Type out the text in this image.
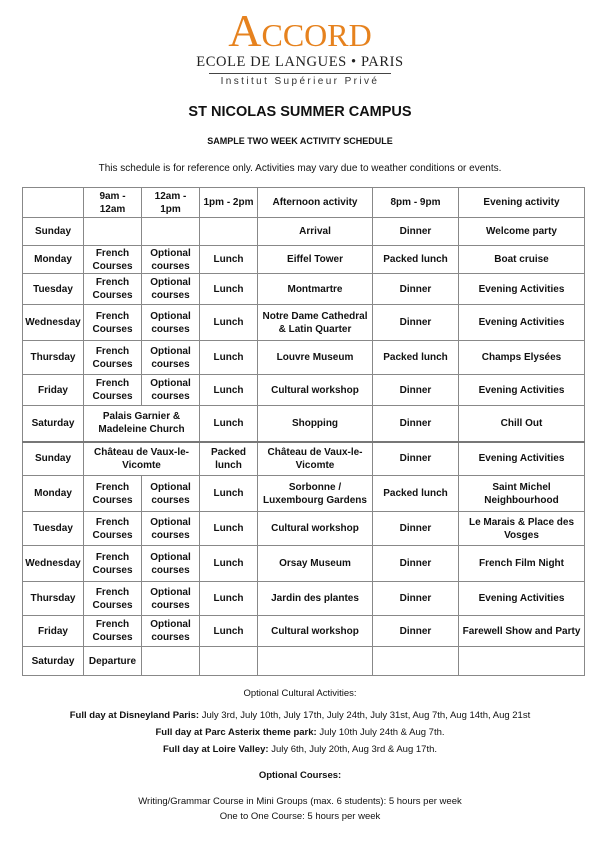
Accord
ECOLE DE LANGUES • PARIS
Institut Supérieur Privé
ST NICOLAS SUMMER CAMPUS
SAMPLE TWO WEEK ACTIVITY SCHEDULE
This schedule is for reference only. Activities may vary due to weather conditions or events.
	9am - 12am	12am - 1pm	1pm - 2pm	Afternoon activity	8pm - 9pm	Evening activity
Sunday				Arrival	Dinner	Welcome party
Monday	French Courses	Optional courses	Lunch	Eiffel Tower	Packed lunch	Boat cruise
Tuesday	French Courses	Optional courses	Lunch	Montmartre	Dinner	Evening Activities
Wednesday	French Courses	Optional courses	Lunch	Notre Dame Cathedral & Latin Quarter	Dinner	Evening Activities
Thursday	French Courses	Optional courses	Lunch	Louvre Museum	Packed lunch	Champs Elysées
Friday	French Courses	Optional courses	Lunch	Cultural workshop	Dinner	Evening Activities
Saturday	Palais Garnier & Madeleine Church		Lunch	Shopping	Dinner	Chill Out
Sunday	Château de Vaux-le-Vicomte		Packed lunch	Château de Vaux-le-Vicomte	Dinner	Evening Activities
Monday	French Courses	Optional courses	Lunch	Sorbonne / Luxembourg Gardens	Packed lunch	Saint Michel Neighbourhood
Tuesday	French Courses	Optional courses	Lunch	Cultural workshop	Dinner	Le Marais & Place des Vosges
Wednesday	French Courses	Optional courses	Lunch	Orsay Museum	Dinner	French Film Night
Thursday	French Courses	Optional courses	Lunch	Jardin des plantes	Dinner	Evening Activities
Friday	French Courses	Optional courses	Lunch	Cultural workshop	Dinner	Farewell Show and Party
Saturday	Departure					
Optional Cultural Activities:
Full day at Disneyland Paris: July 3rd, July 10th, July 17th, July 24th, July 31st, Aug 7th, Aug 14th, Aug 21st
Full day at Parc Asterix theme park: July 10th July 24th & Aug 7th.
Full day at Loire Valley: July 6th, July 20th, Aug 3rd & Aug 17th.
Optional Courses:
Writing/Grammar Course in Mini Groups (max. 6 students): 5 hours per week
One to One Course: 5 hours per week
